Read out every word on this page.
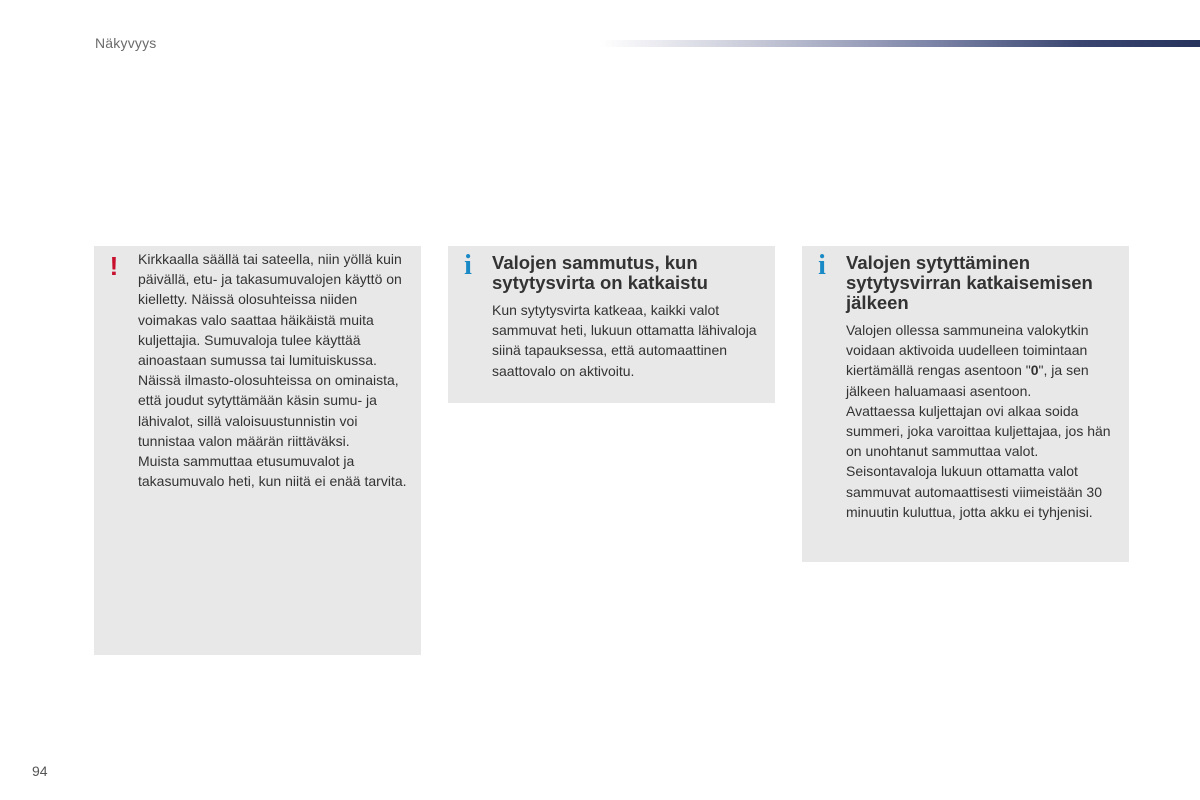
Näkyvyys
! Kirkkaalla säällä tai sateella, niin yöllä kuin päivällä, etu- ja takasumuvalojen käyttö on kielletty. Näissä olosuhteissa niiden voimakas valo saattaa häikäistä muita kuljettajia. Sumuvaloja tulee käyttää ainoastaan sumussa tai lumituiskussa.

Näissä ilmasto-olosuhteissa on ominaista, että joudut sytyttämään käsin sumu- ja lähivalot, sillä valoisuustunnistin voi tunnistaa valon määrän riittäväksi.

Muista sammuttaa etusumuvalot ja takasumuvalo heti, kun niitä ei enää tarvita.

i Valojen sammutus, kun sytytysvirta on katkaistu

Kun sytytysvirta katkeaa, kaikki valot sammuvat heti, lukuun ottamatta lähivaloja siinä tapauksessa, että automaattinen saattovalo on aktivoitu.

i Valojen sytyttäminen sytytysvirran katkaisemisen jälkeen

Valojen ollessa sammuneina valokytkin voidaan aktivoida uudelleen toimintaan kiertämällä rengas asentoon "0", ja sen jälkeen haluamaasi asentoon.

Avattaessa kuljettajan ovi alkaa soida summeri, joka varoittaa kuljettajaa, jos hän on unohtanut sammuttaa valot.

Seisontavaloja lukuun ottamatta valot sammuvat automaattisesti viimeistään 30 minuutin kuluttua, jotta akku ei tyhjenisi.

94
